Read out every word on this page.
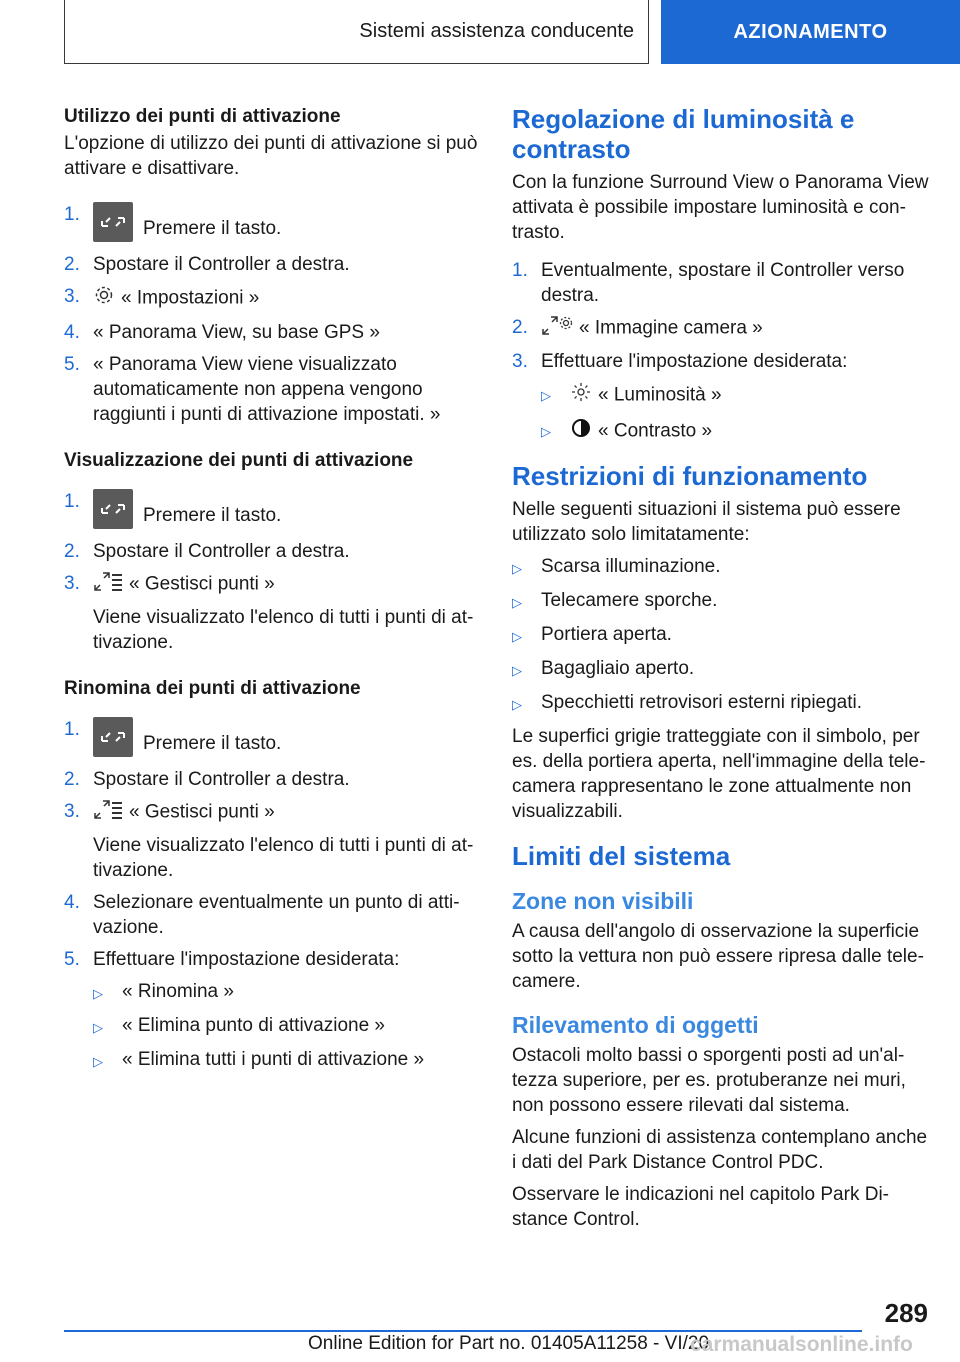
Sistemi assistenza conducente	AZIONAMENTO
Utilizzo dei punti di attivazione
L'opzione di utilizzo dei punti di attivazione si può attivare e disattivare.
1.
Premere il tasto.
2. Spostare il Controller a destra.
3.	« Impostazioni »
4. « Panorama View, su base GPS »
5. « Panorama View viene visualizzato automaticamente non appena vengono raggiunti i punti di attivazione impostati. »
Visualizzazione dei punti di attivazione
1.
Premere il tasto.
2. Spostare il Controller a destra.
3.	« Gestisci punti »
Viene visualizzato l'elenco di tutti i punti di attivazione.
Rinomina dei punti di attivazione
1.
Premere il tasto.
2. Spostare il Controller a destra.
3.	« Gestisci punti »
Viene visualizzato l'elenco di tutti i punti di attivazione.
4. Selezionare eventualmente un punto di attivazione.
5. Effettuare l'impostazione desiderata:
▷	« Rinomina »
▷	« Elimina punto di attivazione »
▷	« Elimina tutti i punti di attivazione »
Regolazione di luminosità e contrasto
Con la funzione Surround View o Panorama View attivata è possibile impostare luminosità e contrasto.
1. Eventualmente, spostare il Controller verso destra.
2.	« Immagine camera »
3. Effettuare l'impostazione desiderata:
▷	« Luminosità »
▷	« Contrasto »
Restrizioni di funzionamento
Nelle seguenti situazioni il sistema può essere utilizzato solo limitatamente:
▷	Scarsa illuminazione.
▷	Telecamere sporche.
▷	Portiera aperta.
▷	Bagagliaio aperto.
▷	Specchietti retrovisori esterni ripiegati.
Le superfici grigie tratteggiate con il simbolo, per es. della portiera aperta, nell'immagine della telecamera rappresentano le zone attualmente non visualizzabili.
Limiti del sistema
Zone non visibili
A causa dell'angolo di osservazione la superficie sotto la vettura non può essere ripresa dalle telecamere.
Rilevamento di oggetti
Ostacoli molto bassi o sporgenti posti ad un'altezza superiore, per es. protuberanze nei muri, non possono essere rilevati dal sistema.
Alcune funzioni di assistenza contemplano anche i dati del Park Distance Control PDC.
Osservare le indicazioni nel capitolo Park Distance Control.
289
Online Edition for Part no. 01405A11258 - VI/20
carmanualsonline.info
